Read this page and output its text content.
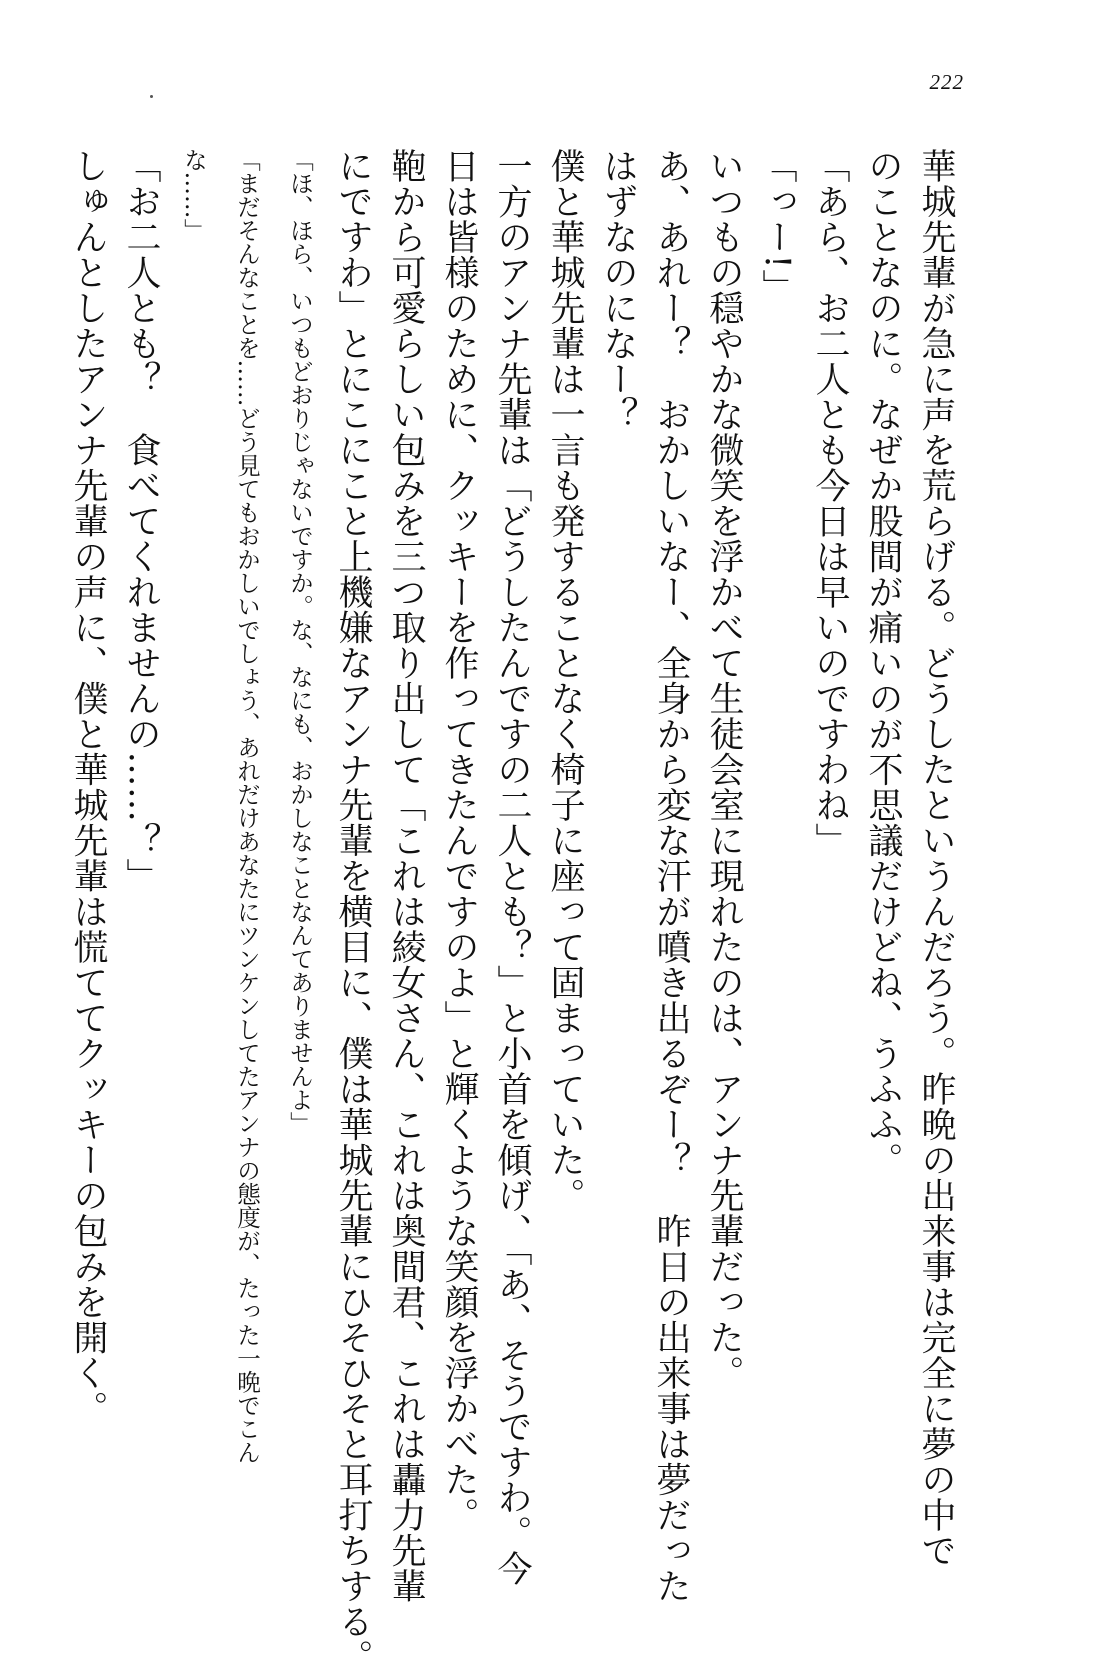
222
華城先輩が急に声を荒らげる。どうしたというんだろう。昨晩の出来事は完全に夢の中で
のことなのに。なぜか股間が痛いのが不思議だけどね、うふふ。
「あら、お二人とも今日は早いのですわね」
「っー!」
いつもの穏やかな微笑を浮かべて生徒会室に現れたのは、アンナ先輩だった。
あ、あれー？　おかしいなー、全身から変な汗が噴き出るぞー？　昨日の出来事は夢だった
はずなのになー？
僕と華城先輩は一言も発することなく椅子に座って固まっていた。
一方のアンナ先輩は「どうしたんですの二人とも？」と小首を傾げ、「あ、そうですわ。今
日は皆様のために、クッキーを作ってきたんですのよ」と輝くような笑顔を浮かべた。
鞄から可愛らしい包みを三つ取り出して「これは綾女さん、これは奥間君、これは轟力先輩
にですわ」とにこにこと上機嫌なアンナ先輩を横目に、僕は華城先輩にひそひそと耳打ちする。
「ほ、ほら、いつもどおりじゃないですか。な、なにも、おかしなことなんてありませんよ」
「まだそんなことを……どう見てもおかしいでしょう、あれだけあなたにツンケンしてたアンナの態度が、たった一晩でこん
な……」
「お二人とも？　食べてくれませんの……？」
しゅんとしたアンナ先輩の声に、僕と華城先輩は慌ててクッキーの包みを開く。
